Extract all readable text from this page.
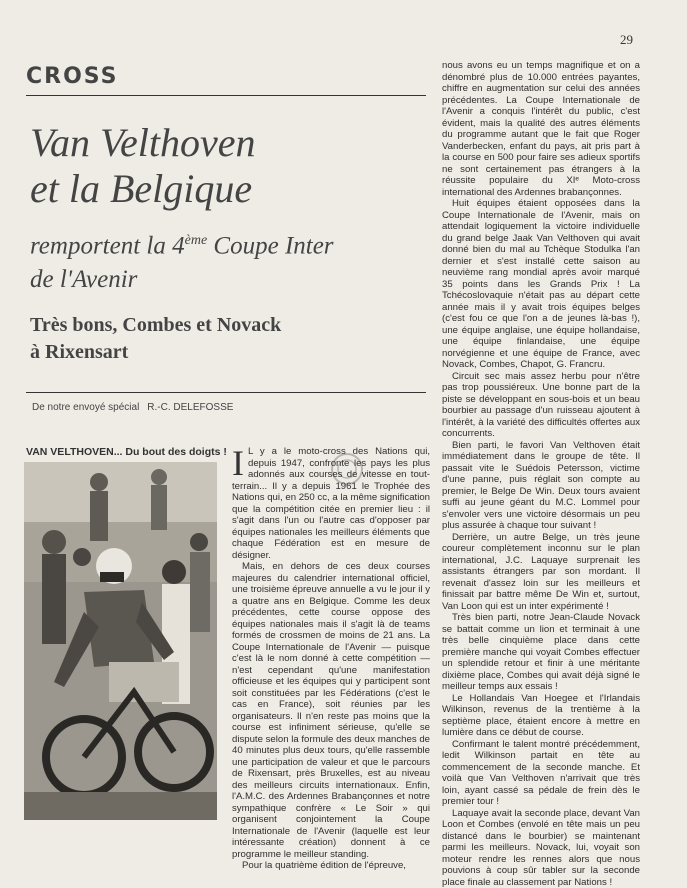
29
CROSS
Van Velthoven
et la Belgique
remportent la 4ème Coupe Inter
de l'Avenir
Très bons, Combes et Novack
à Rixensart
De notre envoyé spécial R.-C. DELEFOSSE
VAN VELTHOVEN... Du bout des doigts ! I L y a le moto-cross des Nations qui, depuis 1947, confronte les pays les plus adonnés aux courses de vitesse en tout-terrain... Il y a depuis 1961 le Trophée des Nations qui, en 250 cc, a la même signification que la compétition citée en premier lieu : il s'agit dans l'un ou l'autre cas d'opposer par équipes nationales les meilleurs éléments que chaque Fédération est en mesure de désigner.

Mais, en dehors de ces deux courses majeures du calendrier international officiel, une troisième épreuve annuelle a vu le jour il y a quatre ans en Belgique. Comme les deux précédentes, cette course oppose des équipes nationales mais il s'agit là de teams formés de crossmen de moins de 21 ans. La Coupe Internationale de l'Avenir — puisque c'est là le nom donné à cette compétition — n'est cependant qu'une manifestation officieuse et les équipes qui y participent sont soit constituées par les Fédérations (c'est le cas en France), soit réunies par les organisateurs. Il n'en reste pas moins que la course est infiniment sérieuse, qu'elle se dispute selon la formule des deux manches de 40 minutes plus deux tours, qu'elle rassemble une participation de valeur et que le parcours de Rixensart, près Bruxelles, est au niveau des meilleurs circuits internationaux. Enfin, l'A.M.C. des Ardennes Brabançonnes et notre sympathique confrère « Le Soir » qui organisent conjointement la Coupe Internationale de l'Avenir (laquelle est leur intéressante création) donnent à ce programme le meilleur standing.

Pour la quatrième édition de l'épreuve,

nous avons eu un temps magnifique et on a dénombré plus de 10.000 entrées payantes, chiffre en augmentation sur celui des années précédentes. La Coupe Internationale de l'Avenir a conquis l'intérêt du public, c'est évident, mais la qualité des autres éléments du programme autant que le fait que Roger Vanderbecken, enfant du pays, ait pris part à la course en 500 pour faire ses adieux sportifs ne sont certainement pas étrangers à la réussite populaire du XIᵉ Moto-cross international des Ardennes brabançonnes.

Huit équipes étaient opposées dans la Coupe Internationale de l'Avenir, mais on attendait logiquement la victoire individuelle du grand belge Jaak Van Velthoven qui avait donné bien du mal au Tchèque Stodulka l'an dernier et s'est installé cette saison au neuvième rang mondial après avoir marqué 35 points dans les Grands Prix ! La Tchécoslovaquie n'était pas au départ cette année mais il y avait trois équipes belges (c'est fou ce que l'on a de jeunes là-bas !), une équipe anglaise, une équipe hollandaise, une équipe finlandaise, une équipe norvégienne et une équipe de France, avec Novack, Combes, Chapot, G. Francru.

Circuit sec mais assez herbu pour n'être pas trop poussiéreux. Une bonne part de la piste se développant en sous-bois et un beau bourbier au passage d'un ruisseau ajoutent à l'intérêt, à la variété des difficultés offertes aux concurrents.

Bien parti, le favori Van Velthoven était immédiatement dans le groupe de tête. Il passait vite le Suédois Petersson, victime d'une panne, puis réglait son compte au premier, le Belge De Win. Deux tours avaient suffi au jeune géant du M.C. Lommel pour s'envoler vers une victoire désormais un peu plus assurée à chaque tour suivant !

Derrière, un autre Belge, un très jeune coureur complètement inconnu sur le plan international, J.C. Laquaye surprenait les assistants étrangers par son mordant. Il revenait d'assez loin sur les meilleurs et finissait par battre même De Win et, surtout, Van Loon qui est un inter expérimenté !

Très bien parti, notre Jean-Claude Novack se battait comme un lion et terminait à une très belle cinquième place dans cette première manche qui voyait Combes effectuer un splendide retour et finir à une méritante dixième place, Combes qui avait déjà signé le meilleur temps aux essais !

Le Hollandais Van Hoegee et l'Irlandais Wilkinson, revenus de la trentième à la septième place, étaient encore à mettre en lumière dans ce début de course.

Confirmant le talent montré précédemment, ledit Wilkinson partait en tête au commencement de la seconde manche. Et voilà que Van Velthoven n'arrivait que très loin, ayant cassé sa pédale de frein dès le premier tour !

Laquaye avait la seconde place, devant Van Loon et Combes (envolé en tête mais un peu distancé dans le bourbier) se maintenant parmi les meilleurs. Novack, lui, voyait son moteur rendre les rennes alors que nous pouvions à coup sûr tabler sur la seconde place finale au classement par Nations !
